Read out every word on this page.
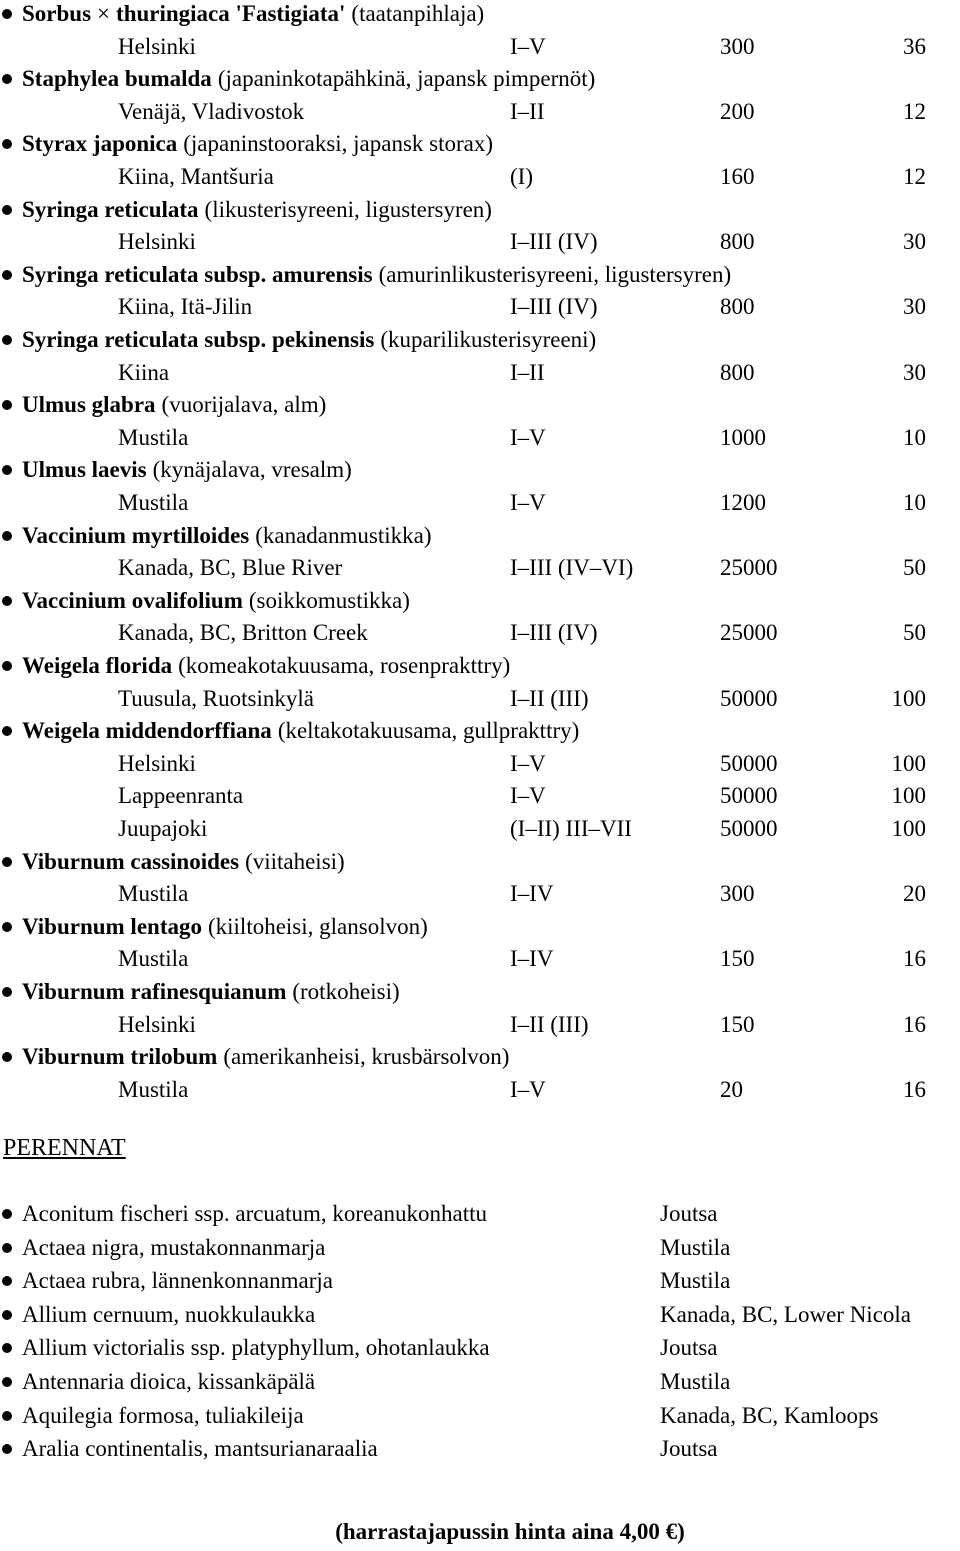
Sorbus × thuringiaca 'Fastigiata' (taatanpihlaja)
Helsinki	I–V	300	36
Staphylea bumalda (japaninkotapähkinä, japansk pimpernöt)
Venäjä, Vladivostok	I–II	200	12
Styrax japonica (japaninstooraksi, japansk storax)
Kiina, Mantšuria	(I)	160	12
Syringa reticulata (likusterisyreeni, ligustersyren)
Helsinki	I–III (IV)	800	30
Syringa reticulata subsp. amurensis (amurinlikusterisyreeni, ligustersyren)
Kiina, Itä-Jilin	I–III (IV)	800	30
Syringa reticulata subsp. pekinensis (kuparilikusterisyreeni)
Kiina	I–II	800	30
Ulmus glabra (vuorijalava, alm)
Mustila	I–V	1000	10
Ulmus laevis (kynäjalava, vresalm)
Mustila	I–V	1200	10
Vaccinium myrtilloides (kanadanmustikka)
Kanada, BC, Blue River	I–III (IV–VI)	25000	50
Vaccinium ovalifolium (soikkomustikka)
Kanada, BC, Britton Creek	I–III (IV)	25000	50
Weigela florida (komeakotakuusama, rosenprakttry)
Tuusula, Ruotsinkylä	I–II (III)	50000	100
Weigela middendorffiana (keltakotakuusama, gullprakttry)
Helsinki	I–V	50000	100
Lappeenranta	I–V	50000	100
Juupajoki	(I–II) III–VII	50000	100
Viburnum cassinoides (viitaheisi)
Mustila	I–IV	300	20
Viburnum lentago (kiiltoheisi, glansolvon)
Mustila	I–IV	150	16
Viburnum rafinesquianum (rotkoheisi)
Helsinki	I–II (III)	150	16
Viburnum trilobum (amerikanheisi, krusbärsolvon)
Mustila	I–V	20	16
PERENNAT
Aconitum fischeri ssp. arcuatum, koreanukonhattu	Joutsa
Actaea nigra, mustakonnanmarja	Mustila
Actaea rubra, lännenkonnanmarja	Mustila
Allium cernuum, nuokkulaukka	Kanada, BC, Lower Nicola
Allium victorialis ssp. platyphyllum, ohotanlaukka	Joutsa
Antennaria dioica, kissankäpälä	Mustila
Aquilegia formosa, tuliakileija	Kanada, BC, Kamloops
Aralia continentalis, mantsurianaraalia	Joutsa
(harrastajapussin hinta aina 4,00 €)
